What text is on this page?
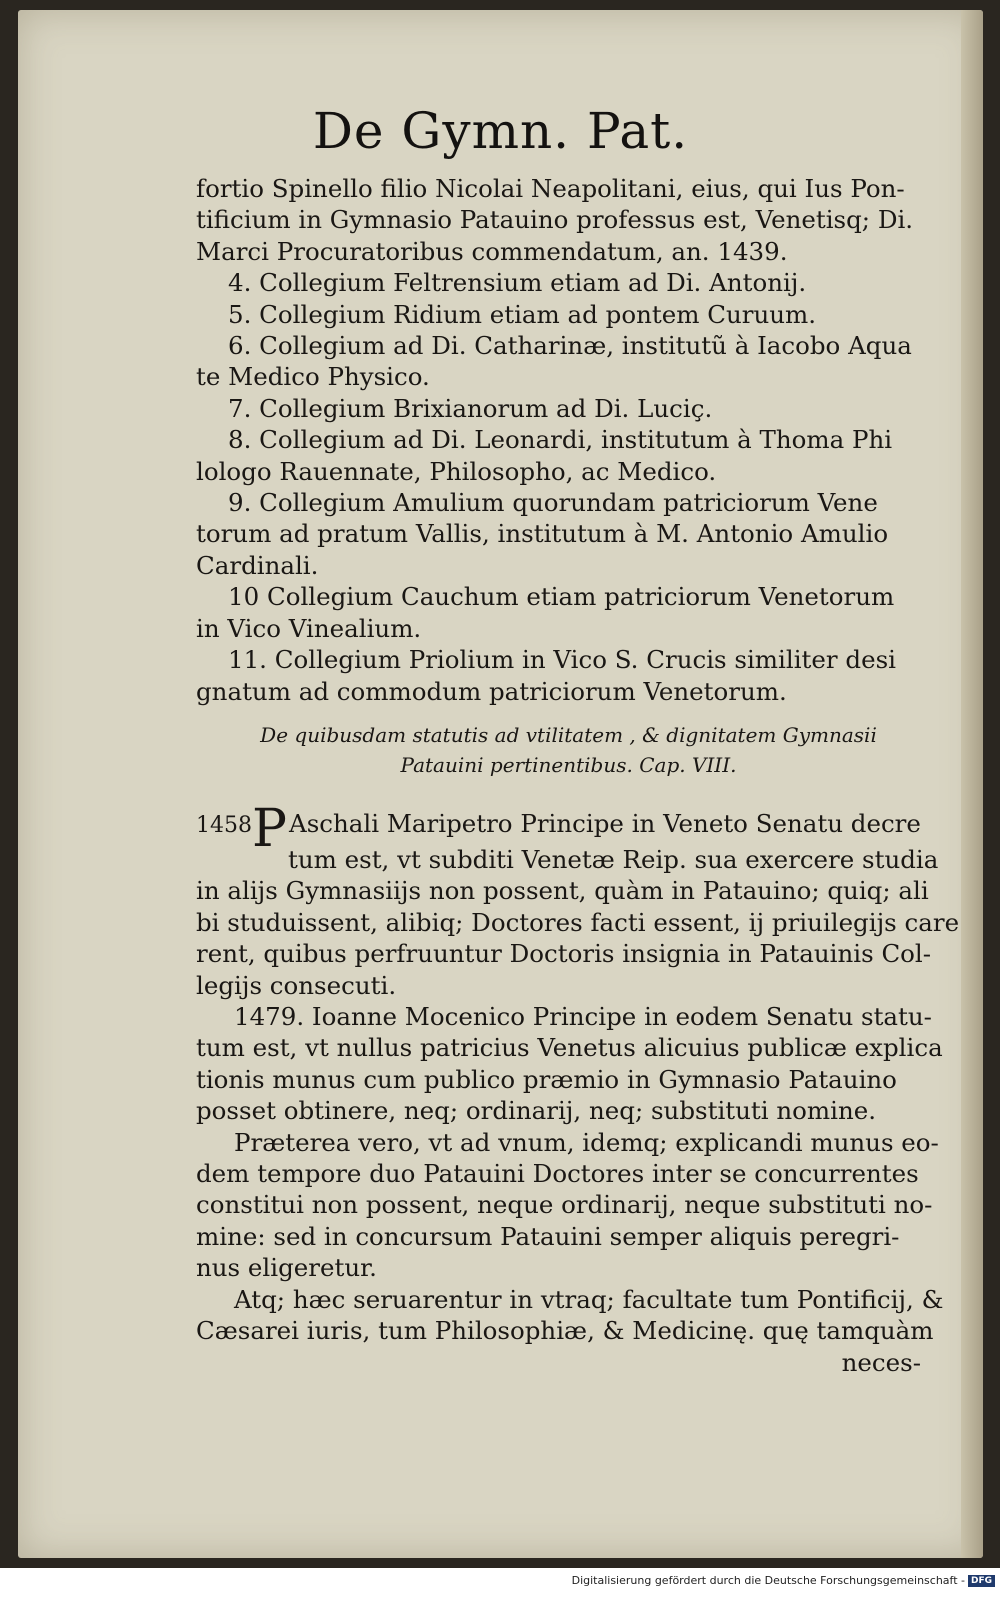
De Gymn. Pat.
fortio Spinello filio Nicolai Neapolitani, eius, qui Ius Pon-
tificium in Gymnasio Patauino professus est, Venetisq; Di.
Marci Procuratoribus commendatum, an. 1439.
4. Collegium Feltrensium etiam ad Di. Antonij.
5. Collegium Ridium etiam ad pontem Curuum.
6. Collegium ad Di. Catharinæ, institutũ à Iacobo Aqua
te Medico Physico.
7. Collegium Brixianorum ad Di. Luciç.
8. Collegium ad Di. Leonardi, institutum à Thoma Phi
lologo Rauennate, Philosopho, ac Medico.
9. Collegium Amulium quorundam patriciorum Vene
torum ad pratum Vallis, institutum à M. Antonio Amulio
Cardinali.
10 Collegium Cauchum etiam patriciorum Venetorum
in Vico Vinealium.
11. Collegium Priolium in Vico S. Crucis similiter desi
gnatum ad commodum patriciorum Venetorum.
De quibusdam statutis ad vtilitatem , & dignitatem Gymnasii
Patauini pertinentibus. Cap. VIII.
1458PAschali Maripetro Principe in Veneto Senatu decre
tum est, vt subditi Venetæ Reip. sua exercere studia
in alijs Gymnasiijs non possent, quàm in Patauino; quiq; ali
bi studuissent, alibiq; Doctores facti essent, ij priuilegijs care
rent, quibus perfruuntur Doctoris insignia in Patauinis Col-
legijs consecuti.
1479. Ioanne Mocenico Principe in eodem Senatu statu-
tum est, vt nullus patricius Venetus alicuius publicæ explica
tionis munus cum publico præmio in Gymnasio Patauino
posset obtinere, neq; ordinarij, neq; substituti nomine.
Præterea vero, vt ad vnum, idemq; explicandi munus eo-
dem tempore duo Patauini Doctores inter se concurrentes
constitui non possent, neque ordinarij, neque substituti no-
mine: sed in concursum Patauini semper aliquis peregri-
nus eligeretur.
Atq; hæc seruarentur in vtraq; facultate tum Pontificij, &
Cæsarei iuris, tum Philosophiæ, & Medicinę. quę tamquàm
neces-
Digitalisierung gefördert durch die Deutsche Forschungsgemeinschaft - DFG
